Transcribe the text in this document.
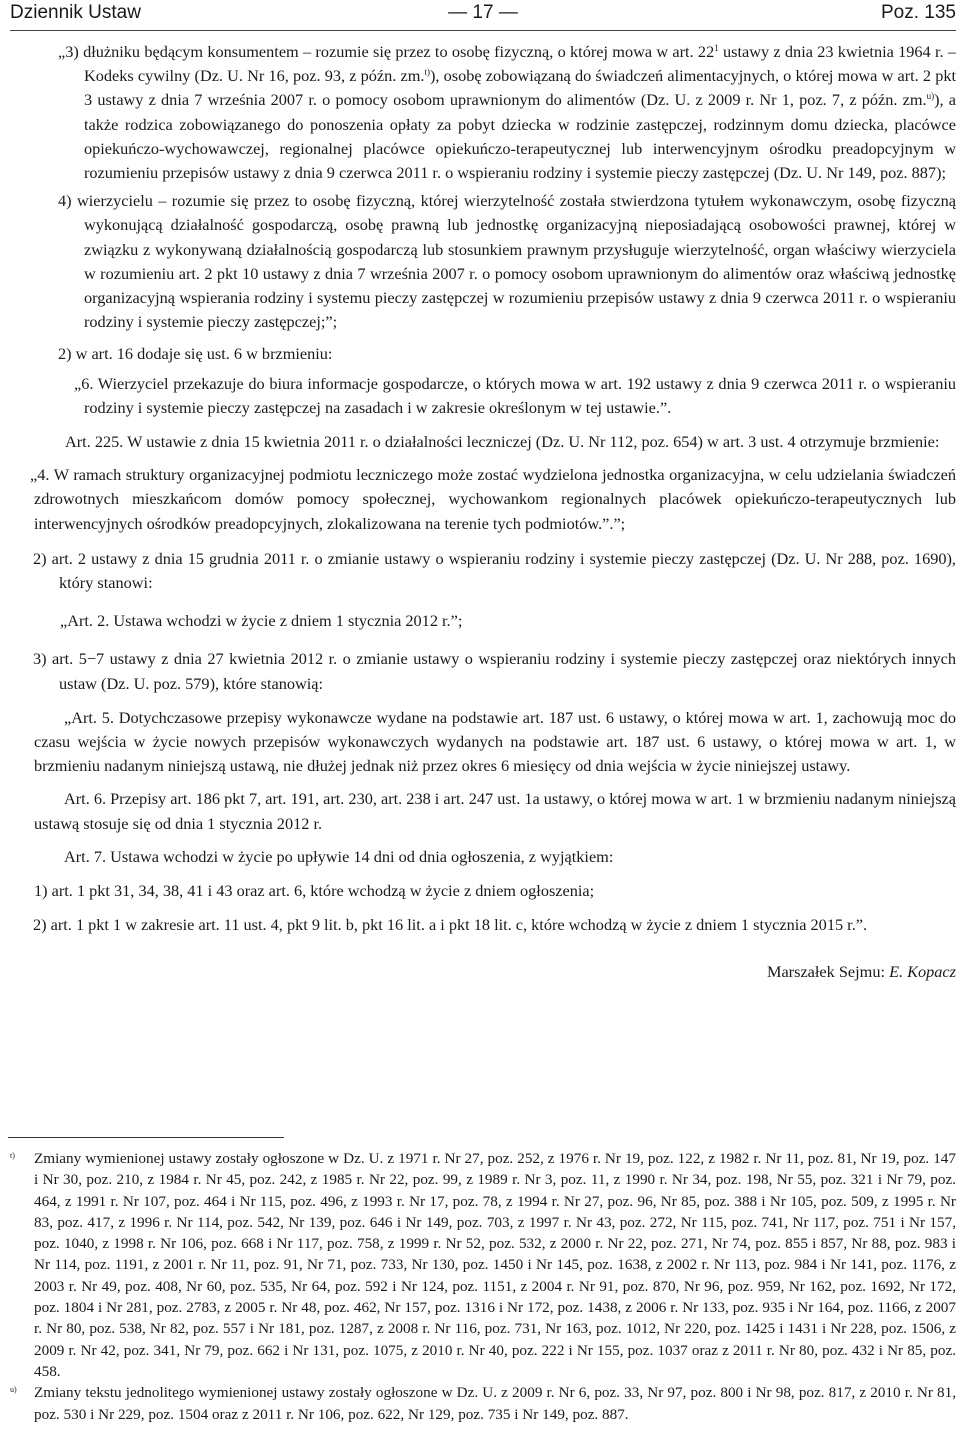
Dziennik Ustaw	— 17 —	Poz. 135

„3) dłużniku będącym konsumentem – rozumie się przez to osobę fizyczną, o której mowa w art. $22^1$ ustawy z dnia 23 kwietnia 1964 r. – Kodeks cywilny (Dz. U. Nr 16, poz. 93, z późn. zm.$^{t)}$), osobę zobowiązaną do świadczeń alimentacyjnych, o której mowa w art. 2 pkt 3 ustawy z dnia 7 września 2007 r. o pomocy osobom uprawnionym do alimentów (Dz. U. z 2009 r. Nr 1, poz. 7, z późn. zm.$^{u)}$), a także rodzica zobowiązanego do ponoszenia opłaty za pobyt dziecka w rodzinie zastępczej, rodzinnym domu dziecka, placówce opiekuńczo-wychowawczej, regionalnej placówce opiekuńczo-terapeutycznej lub interwencyjnym ośrodku preadopcyjnym w rozumieniu przepisów ustawy z dnia 9 czerwca 2011 r. o wspieraniu rodziny i systemie pieczy zastępczej (Dz. U. Nr 149, poz. 887);

4) wierzycielu – rozumie się przez to osobę fizyczną, której wierzytelność została stwierdzona tytułem wykonawczym, osobę fizyczną wykonującą działalność gospodarczą, osobę prawną lub jednostkę organizacyjną nieposiadającą osobowości prawnej, której w związku z wykonywaną działalnością gospodarczą lub stosunkiem prawnym przysługuje wierzytelność, organ właściwy wierzyciela w rozumieniu art. 2 pkt 10 ustawy z dnia 7 września 2007 r. o pomocy osobom uprawnionym do alimentów oraz właściwą jednostkę organizacyjną wspierania rodziny i systemu pieczy zastępczej w rozumieniu przepisów ustawy z dnia 9 czerwca 2011 r. o wspieraniu rodziny i systemie pieczy zastępczej;”;

2) w art. 16 dodaje się ust. 6 w brzmieniu:

„6. Wierzyciel przekazuje do biura informacje gospodarcze, o których mowa w art. 192 ustawy z dnia 9 czerwca 2011 r. o wspieraniu rodziny i systemie pieczy zastępczej na zasadach i w zakresie określonym w tej ustawie.”.

Art. 225. W ustawie z dnia 15 kwietnia 2011 r. o działalności leczniczej (Dz. U. Nr 112, poz. 654) w art. 3 ust. 4 otrzymuje brzmienie:

„4. W ramach struktury organizacyjnej podmiotu leczniczego może zostać wydzielona jednostka organizacyjna, w celu udzielania świadczeń zdrowotnych mieszkańcom domów pomocy społecznej, wychowankom regionalnych placówek opiekuńczo-terapeutycznych lub interwencyjnych ośrodków preadopcyjnych, zlokalizowana na terenie tych podmiotów.”.”;

2) art. 2 ustawy z dnia 15 grudnia 2011 r. o zmianie ustawy o wspieraniu rodziny i systemie pieczy zastępczej (Dz. U. Nr 288, poz. 1690), który stanowi:

„Art. 2. Ustawa wchodzi w życie z dniem 1 stycznia 2012 r.”;

3) art. 5−7 ustawy z dnia 27 kwietnia 2012 r. o zmianie ustawy o wspieraniu rodziny i systemie pieczy zastępczej oraz niektórych innych ustaw (Dz. U. poz. 579), które stanowią:

„Art. 5. Dotychczasowe przepisy wykonawcze wydane na podstawie art. 187 ust. 6 ustawy, o której mowa w art. 1, zachowują moc do czasu wejścia w życie nowych przepisów wykonawczych wydanych na podstawie art. 187 ust. 6 ustawy, o której mowa w art. 1, w brzmieniu nadanym niniejszą ustawą, nie dłużej jednak niż przez okres 6 miesięcy od dnia wejścia w życie niniejszej ustawy.

Art. 6. Przepisy art. 186 pkt 7, art. 191, art. 230, art. 238 i art. 247 ust. 1a ustawy, o której mowa w art. 1 w brzmieniu nadanym niniejszą ustawą stosuje się od dnia 1 stycznia 2012 r.

Art. 7. Ustawa wchodzi w życie po upływie 14 dni od dnia ogłoszenia, z wyjątkiem:

1) art. 1 pkt 31, 34, 38, 41 i 43 oraz art. 6, które wchodzą w życie z dniem ogłoszenia;

2) art. 1 pkt 1 w zakresie art. 11 ust. 4, pkt 9 lit. b, pkt 16 lit. a i pkt 18 lit. c, które wchodzą w życie z dniem 1 stycznia 2015 r.”.

Marszałek Sejmu: E. Kopacz

$^{t)}$ Zmiany wymienionej ustawy zostały ogłoszone w Dz. U. z 1971 r. Nr 27, poz. 252, z 1976 r. Nr 19, poz. 122, z 1982 r. Nr 11, poz. 81, Nr 19, poz. 147 i Nr 30, poz. 210, z 1984 r. Nr 45, poz. 242, z 1985 r. Nr 22, poz. 99, z 1989 r. Nr 3, poz. 11, z 1990 r. Nr 34, poz. 198, Nr 55, poz. 321 i Nr 79, poz. 464, z 1991 r. Nr 107, poz. 464 i Nr 115, poz. 496, z 1993 r. Nr 17, poz. 78, z 1994 r. Nr 27, poz. 96, Nr 85, poz. 388 i Nr 105, poz. 509, z 1995 r. Nr 83, poz. 417, z 1996 r. Nr 114, poz. 542, Nr 139, poz. 646 i Nr 149, poz. 703, z 1997 r. Nr 43, poz. 272, Nr 115, poz. 741, Nr 117, poz. 751 i Nr 157, poz. 1040, z 1998 r. Nr 106, poz. 668 i Nr 117, poz. 758, z 1999 r. Nr 52, poz. 532, z 2000 r. Nr 22, poz. 271, Nr 74, poz. 855 i 857, Nr 88, poz. 983 i Nr 114, poz. 1191, z 2001 r. Nr 11, poz. 91, Nr 71, poz. 733, Nr 130, poz. 1450 i Nr 145, poz. 1638, z 2002 r. Nr 113, poz. 984 i Nr 141, poz. 1176, z 2003 r. Nr 49, poz. 408, Nr 60, poz. 535, Nr 64, poz. 592 i Nr 124, poz. 1151, z 2004 r. Nr 91, poz. 870, Nr 96, poz. 959, Nr 162, poz. 1692, Nr 172, poz. 1804 i Nr 281, poz. 2783, z 2005 r. Nr 48, poz. 462, Nr 157, poz. 1316 i Nr 172, poz. 1438, z 2006 r. Nr 133, poz. 935 i Nr 164, poz. 1166, z 2007 r. Nr 80, poz. 538, Nr 82, poz. 557 i Nr 181, poz. 1287, z 2008 r. Nr 116, poz. 731, Nr 163, poz. 1012, Nr 220, poz. 1425 i 1431 i Nr 228, poz. 1506, z 2009 r. Nr 42, poz. 341, Nr 79, poz. 662 i Nr 131, poz. 1075, z 2010 r. Nr 40, poz. 222 i Nr 155, poz. 1037 oraz z 2011 r. Nr 80, poz. 432 i Nr 85, poz. 458.

$^{u)}$ Zmiany tekstu jednolitego wymienionej ustawy zostały ogłoszone w Dz. U. z 2009 r. Nr 6, poz. 33, Nr 97, poz. 800 i Nr 98, poz. 817, z 2010 r. Nr 81, poz. 530 i Nr 229, poz. 1504 oraz z 2011 r. Nr 106, poz. 622, Nr 129, poz. 735 i Nr 149, poz. 887.
